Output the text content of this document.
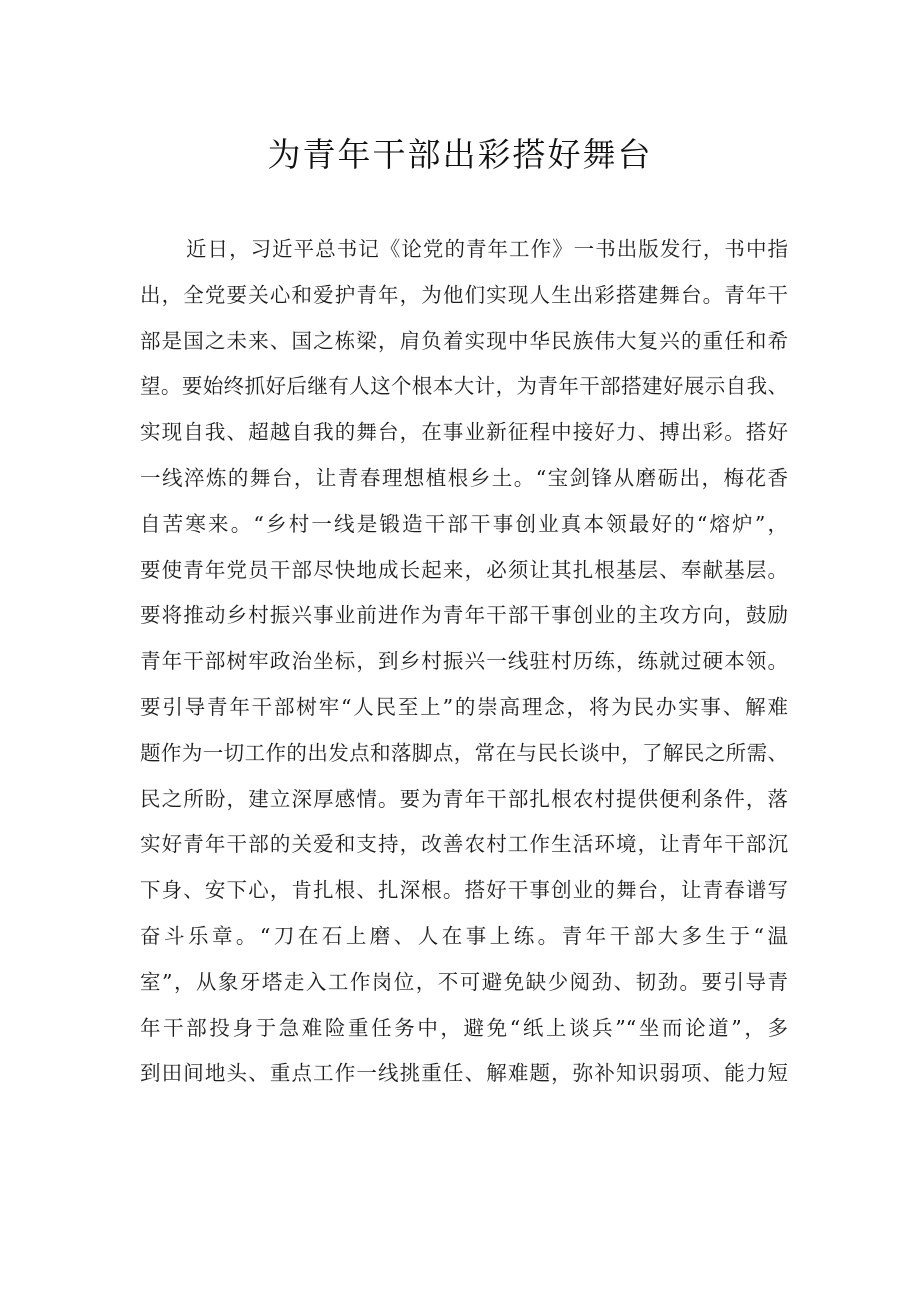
为青年干部出彩搭好舞台
近日，习近平总书记《论党的青年工作》一书出版发行，书中指
出，全党要关心和爱护青年，为他们实现人生出彩搭建舞台。青年干
部是国之未来、国之栋梁，肩负着实现中华民族伟大复兴的重任和希
望。要始终抓好后继有人这个根本大计，为青年干部搭建好展示自我、
实现自我、超越自我的舞台，在事业新征程中接好力、搏出彩。搭好
一线淬炼的舞台，让青春理想植根乡土。“宝剑锋从磨砺出，梅花香
自苦寒来。“乡村一线是锻造干部干事创业真本领最好的“熔炉”，
要使青年党员干部尽快地成长起来，必须让其扎根基层、奉献基层。
要将推动乡村振兴事业前进作为青年干部干事创业的主攻方向，鼓励
青年干部树牢政治坐标，到乡村振兴一线驻村历练，练就过硬本领。
要引导青年干部树牢“人民至上”的崇高理念，将为民办实事、解难
题作为一切工作的出发点和落脚点，常在与民长谈中，了解民之所需、
民之所盼，建立深厚感情。要为青年干部扎根农村提供便利条件，落
实好青年干部的关爱和支持，改善农村工作生活环境，让青年干部沉
下身、安下心，肯扎根、扎深根。搭好干事创业的舞台，让青春谱写
奋斗乐章。“刀在石上磨、人在事上练。青年干部大多生于“温
室”，从象牙塔走入工作岗位，不可避免缺少阅劲、韧劲。要引导青
年干部投身于急难险重任务中，避免“纸上谈兵”“坐而论道”，多
到田间地头、重点工作一线挑重任、解难题，弥补知识弱项、能力短
